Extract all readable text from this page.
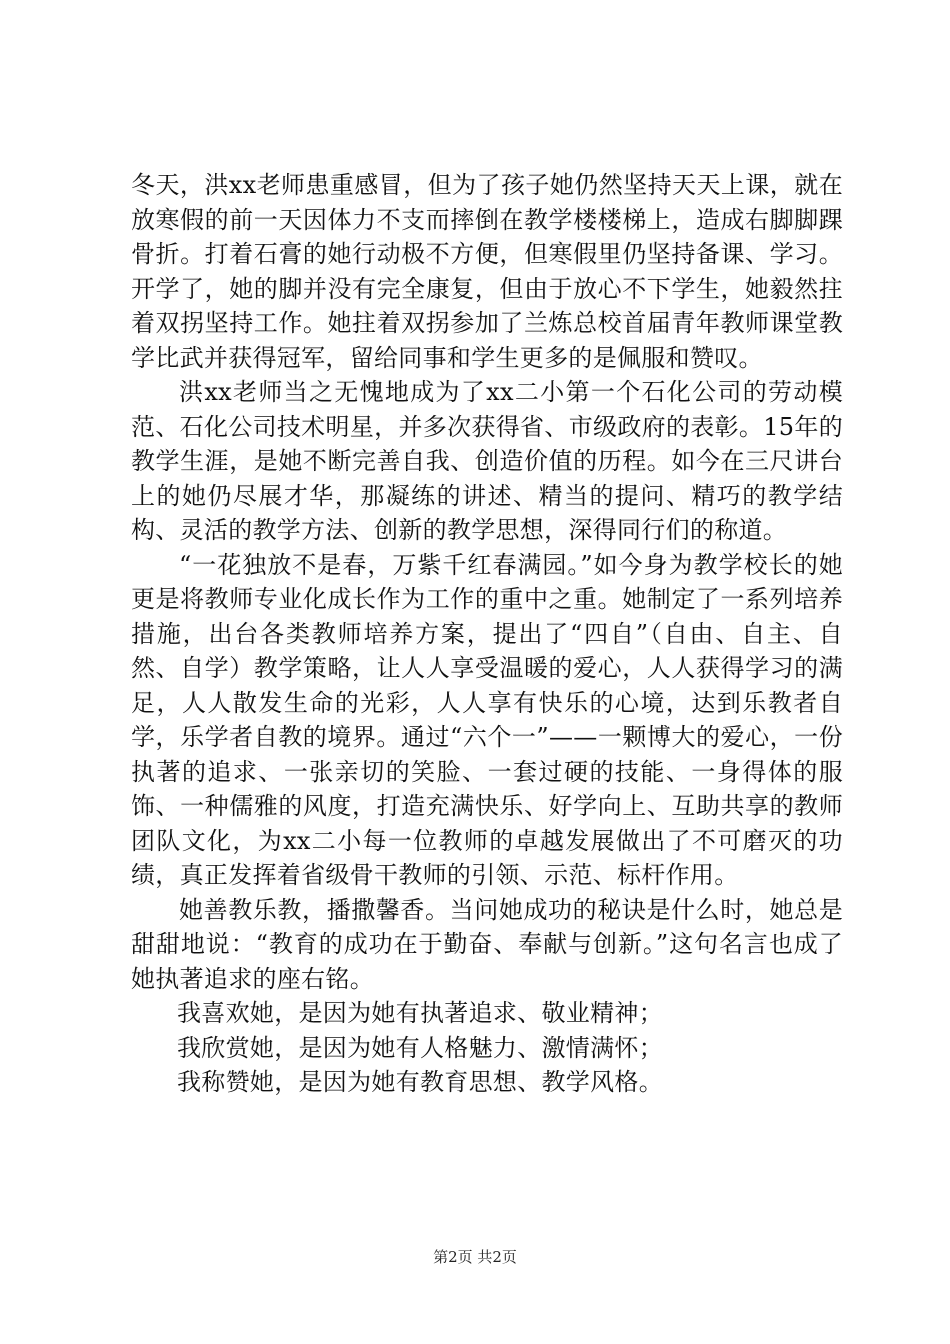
冬天，洪xx老师患重感冒，但为了孩子她仍然坚持天天上课，就在放寒假的前一天因体力不支而摔倒在教学楼楼梯上，造成右脚脚踝骨折。打着石膏的她行动极不方便，但寒假里仍坚持备课、学习。开学了，她的脚并没有完全康复，但由于放心不下学生，她毅然拄着双拐坚持工作。她拄着双拐参加了兰炼总校首届青年教师课堂教学比武并获得冠军，留给同事和学生更多的是佩服和赞叹。

洪xx老师当之无愧地成为了xx二小第一个石化公司的劳动模范、石化公司技术明星，并多次获得省、市级政府的表彰。15年的教学生涯，是她不断完善自我、创造价值的历程。如今在三尺讲台上的她仍尽展才华，那凝练的讲述、精当的提问、精巧的教学结构、灵活的教学方法、创新的教学思想，深得同行们的称道。

“一花独放不是春，万紫千红春满园。”如今身为教学校长的她更是将教师专业化成长作为工作的重中之重。她制定了一系列培养措施，出台各类教师培养方案，提出了“四自”（自由、自主、自然、自学）教学策略，让人人享受温暖的爱心，人人获得学习的满足，人人散发生命的光彩，人人享有快乐的心境，达到乐教者自学，乐学者自教的境界。通过“六个一”——一颗博大的爱心，一份执著的追求、一张亲切的笑脸、一套过硬的技能、一身得体的服饰、一种儒雅的风度，打造充满快乐、好学向上、互助共享的教师团队文化，为xx二小每一位教师的卓越发展做出了不可磨灭的功绩，真正发挥着省级骨干教师的引领、示范、标杆作用。

她善教乐教，播撒馨香。当问她成功的秘诀是什么时，她总是甜甜地说：“教育的成功在于勤奋、奉献与创新。”这句名言也成了她执著追求的座右铭。

我喜欢她，是因为她有执著追求、敬业精神；

我欣赏她，是因为她有人格魅力、激情满怀；

我称赞她，是因为她有教育思想、教学风格。

第2页 共2页
